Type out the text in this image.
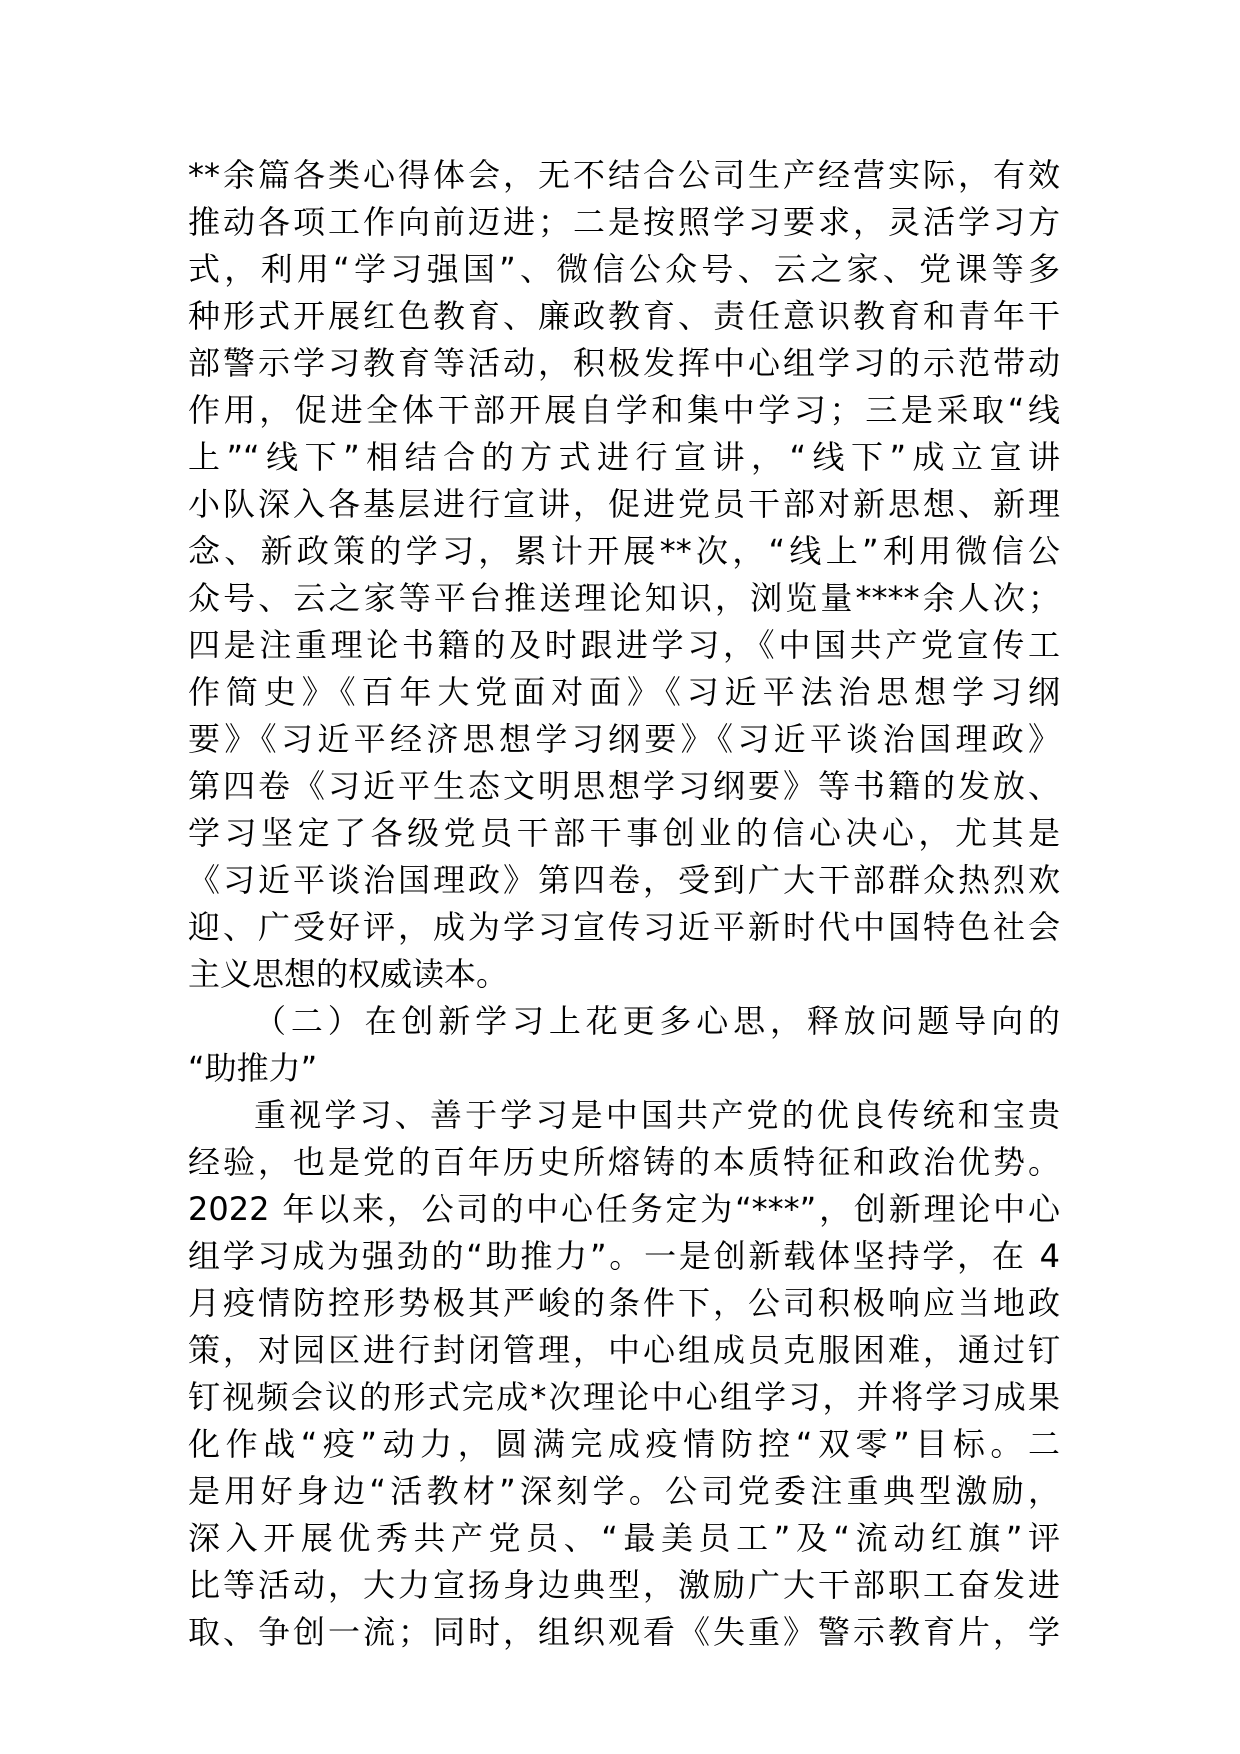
**余篇各类心得体会，无不结合公司生产经营实际，有效
推动各项工作向前迈进；二是按照学习要求，灵活学习方
式，利用“学习强国”、微信公众号、云之家、党课等多
种形式开展红色教育、廉政教育、责任意识教育和青年干
部警示学习教育等活动，积极发挥中心组学习的示范带动
作用，促进全体干部开展自学和集中学习；三是采取“线
上”“线下”相结合的方式进行宣讲，“线下”成立宣讲
小队深入各基层进行宣讲，促进党员干部对新思想、新理
念、新政策的学习，累计开展**次，“线上”利用微信公
众号、云之家等平台推送理论知识，浏览量****余人次；
四是注重理论书籍的及时跟进学习，《中国共产党宣传工
作简史》《百年大党面对面》《习近平法治思想学习纲
要》《习近平经济思想学习纲要》《习近平谈治国理政》
第四卷《习近平生态文明思想学习纲要》等书籍的发放、
学习坚定了各级党员干部干事创业的信心决心，尤其是
《习近平谈治国理政》第四卷，受到广大干部群众热烈欢
迎、广受好评，成为学习宣传习近平新时代中国特色社会
主义思想的权威读本。
（二）在创新学习上花更多心思，释放问题导向的
“助推力”
重视学习、善于学习是中国共产党的优良传统和宝贵
经验，也是党的百年历史所熔铸的本质特征和政治优势。
2022 年以来，公司的中心任务定为“***”，创新理论中心
组学习成为强劲的“助推力”。一是创新载体坚持学，在 4
月疫情防控形势极其严峻的条件下，公司积极响应当地政
策，对园区进行封闭管理，中心组成员克服困难，通过钉
钉视频会议的形式完成*次理论中心组学习，并将学习成果
化作战“疫”动力，圆满完成疫情防控“双零”目标。二
是用好身边“活教材”深刻学。公司党委注重典型激励，
深入开展优秀共产党员、“最美员工”及“流动红旗”评
比等活动，大力宣扬身边典型，激励广大干部职工奋发进
取、争创一流；同时，组织观看《失重》警示教育片，学
